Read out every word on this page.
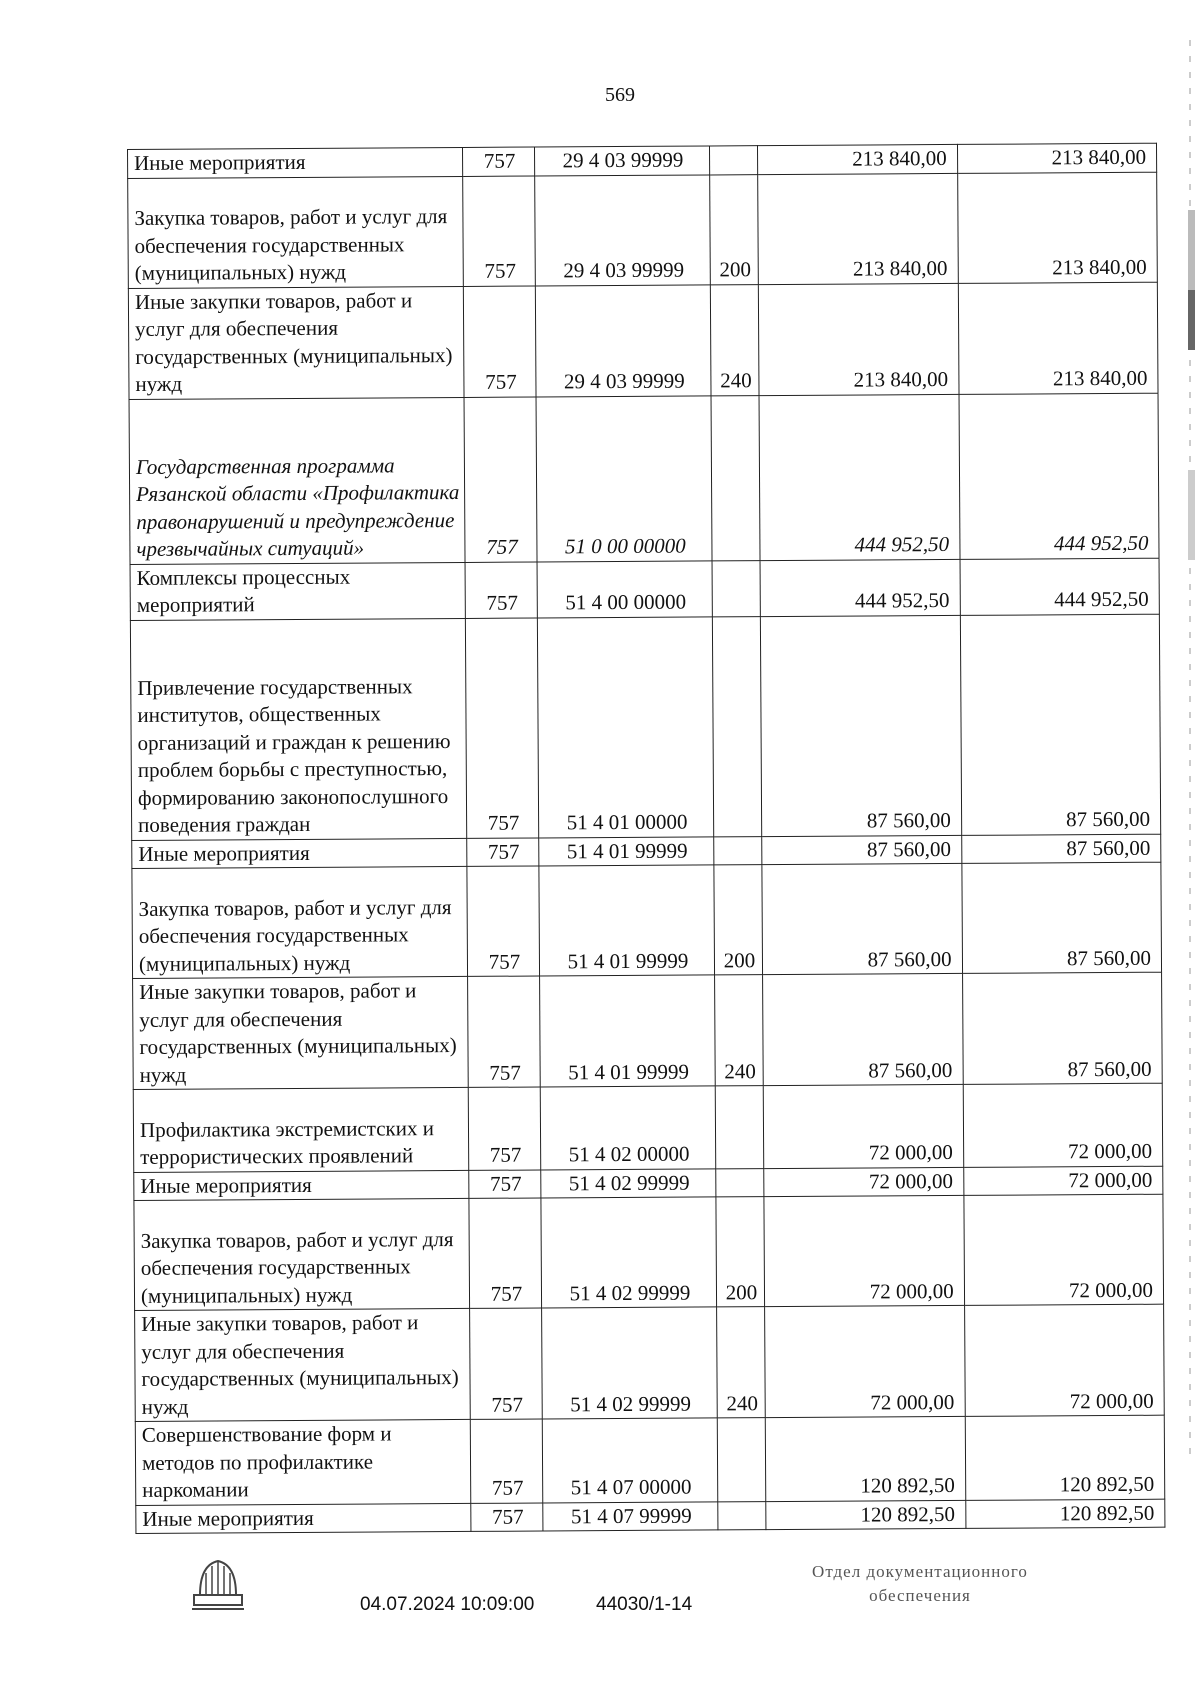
569
Иные мероприятия	757	29 4 03 99999		213 840,00	213 840,00
Закупка товаров, работ и услуг для обеспечения государственных (муниципальных) нужд	757	29 4 03 99999	200	213 840,00	213 840,00
Иные закупки товаров, работ и услуг для обеспечения государственных (муниципальных) нужд	757	29 4 03 99999	240	213 840,00	213 840,00
Государственная программа Рязанской области «Профилактика правонарушений и предупреждение чрезвычайных ситуаций»	757	51 0 00 00000		444 952,50	444 952,50
Комплексы процессных мероприятий	757	51 4 00 00000		444 952,50	444 952,50
Привлечение государственных институтов, общественных организаций и граждан к решению проблем борьбы с преступностью, формированию законопослушного поведения граждан	757	51 4 01 00000		87 560,00	87 560,00
Иные мероприятия	757	51 4 01 99999		87 560,00	87 560,00
Закупка товаров, работ и услуг для обеспечения государственных (муниципальных) нужд	757	51 4 01 99999	200	87 560,00	87 560,00
Иные закупки товаров, работ и услуг для обеспечения государственных (муниципальных) нужд	757	51 4 01 99999	240	87 560,00	87 560,00
Профилактика экстремистских и террористических проявлений	757	51 4 02 00000		72 000,00	72 000,00
Иные мероприятия	757	51 4 02 99999		72 000,00	72 000,00
Закупка товаров, работ и услуг для обеспечения государственных (муниципальных) нужд	757	51 4 02 99999	200	72 000,00	72 000,00
Иные закупки товаров, работ и услуг для обеспечения государственных (муниципальных) нужд	757	51 4 02 99999	240	72 000,00	72 000,00
Совершенствование форм и методов по профилактике наркомании	757	51 4 07 00000		120 892,50	120 892,50
Иные мероприятия	757	51 4 07 99999		120 892,50	120 892,50
04.07.2024 10:09:00	44030/1-14
Отдел документационного
обеспечения
